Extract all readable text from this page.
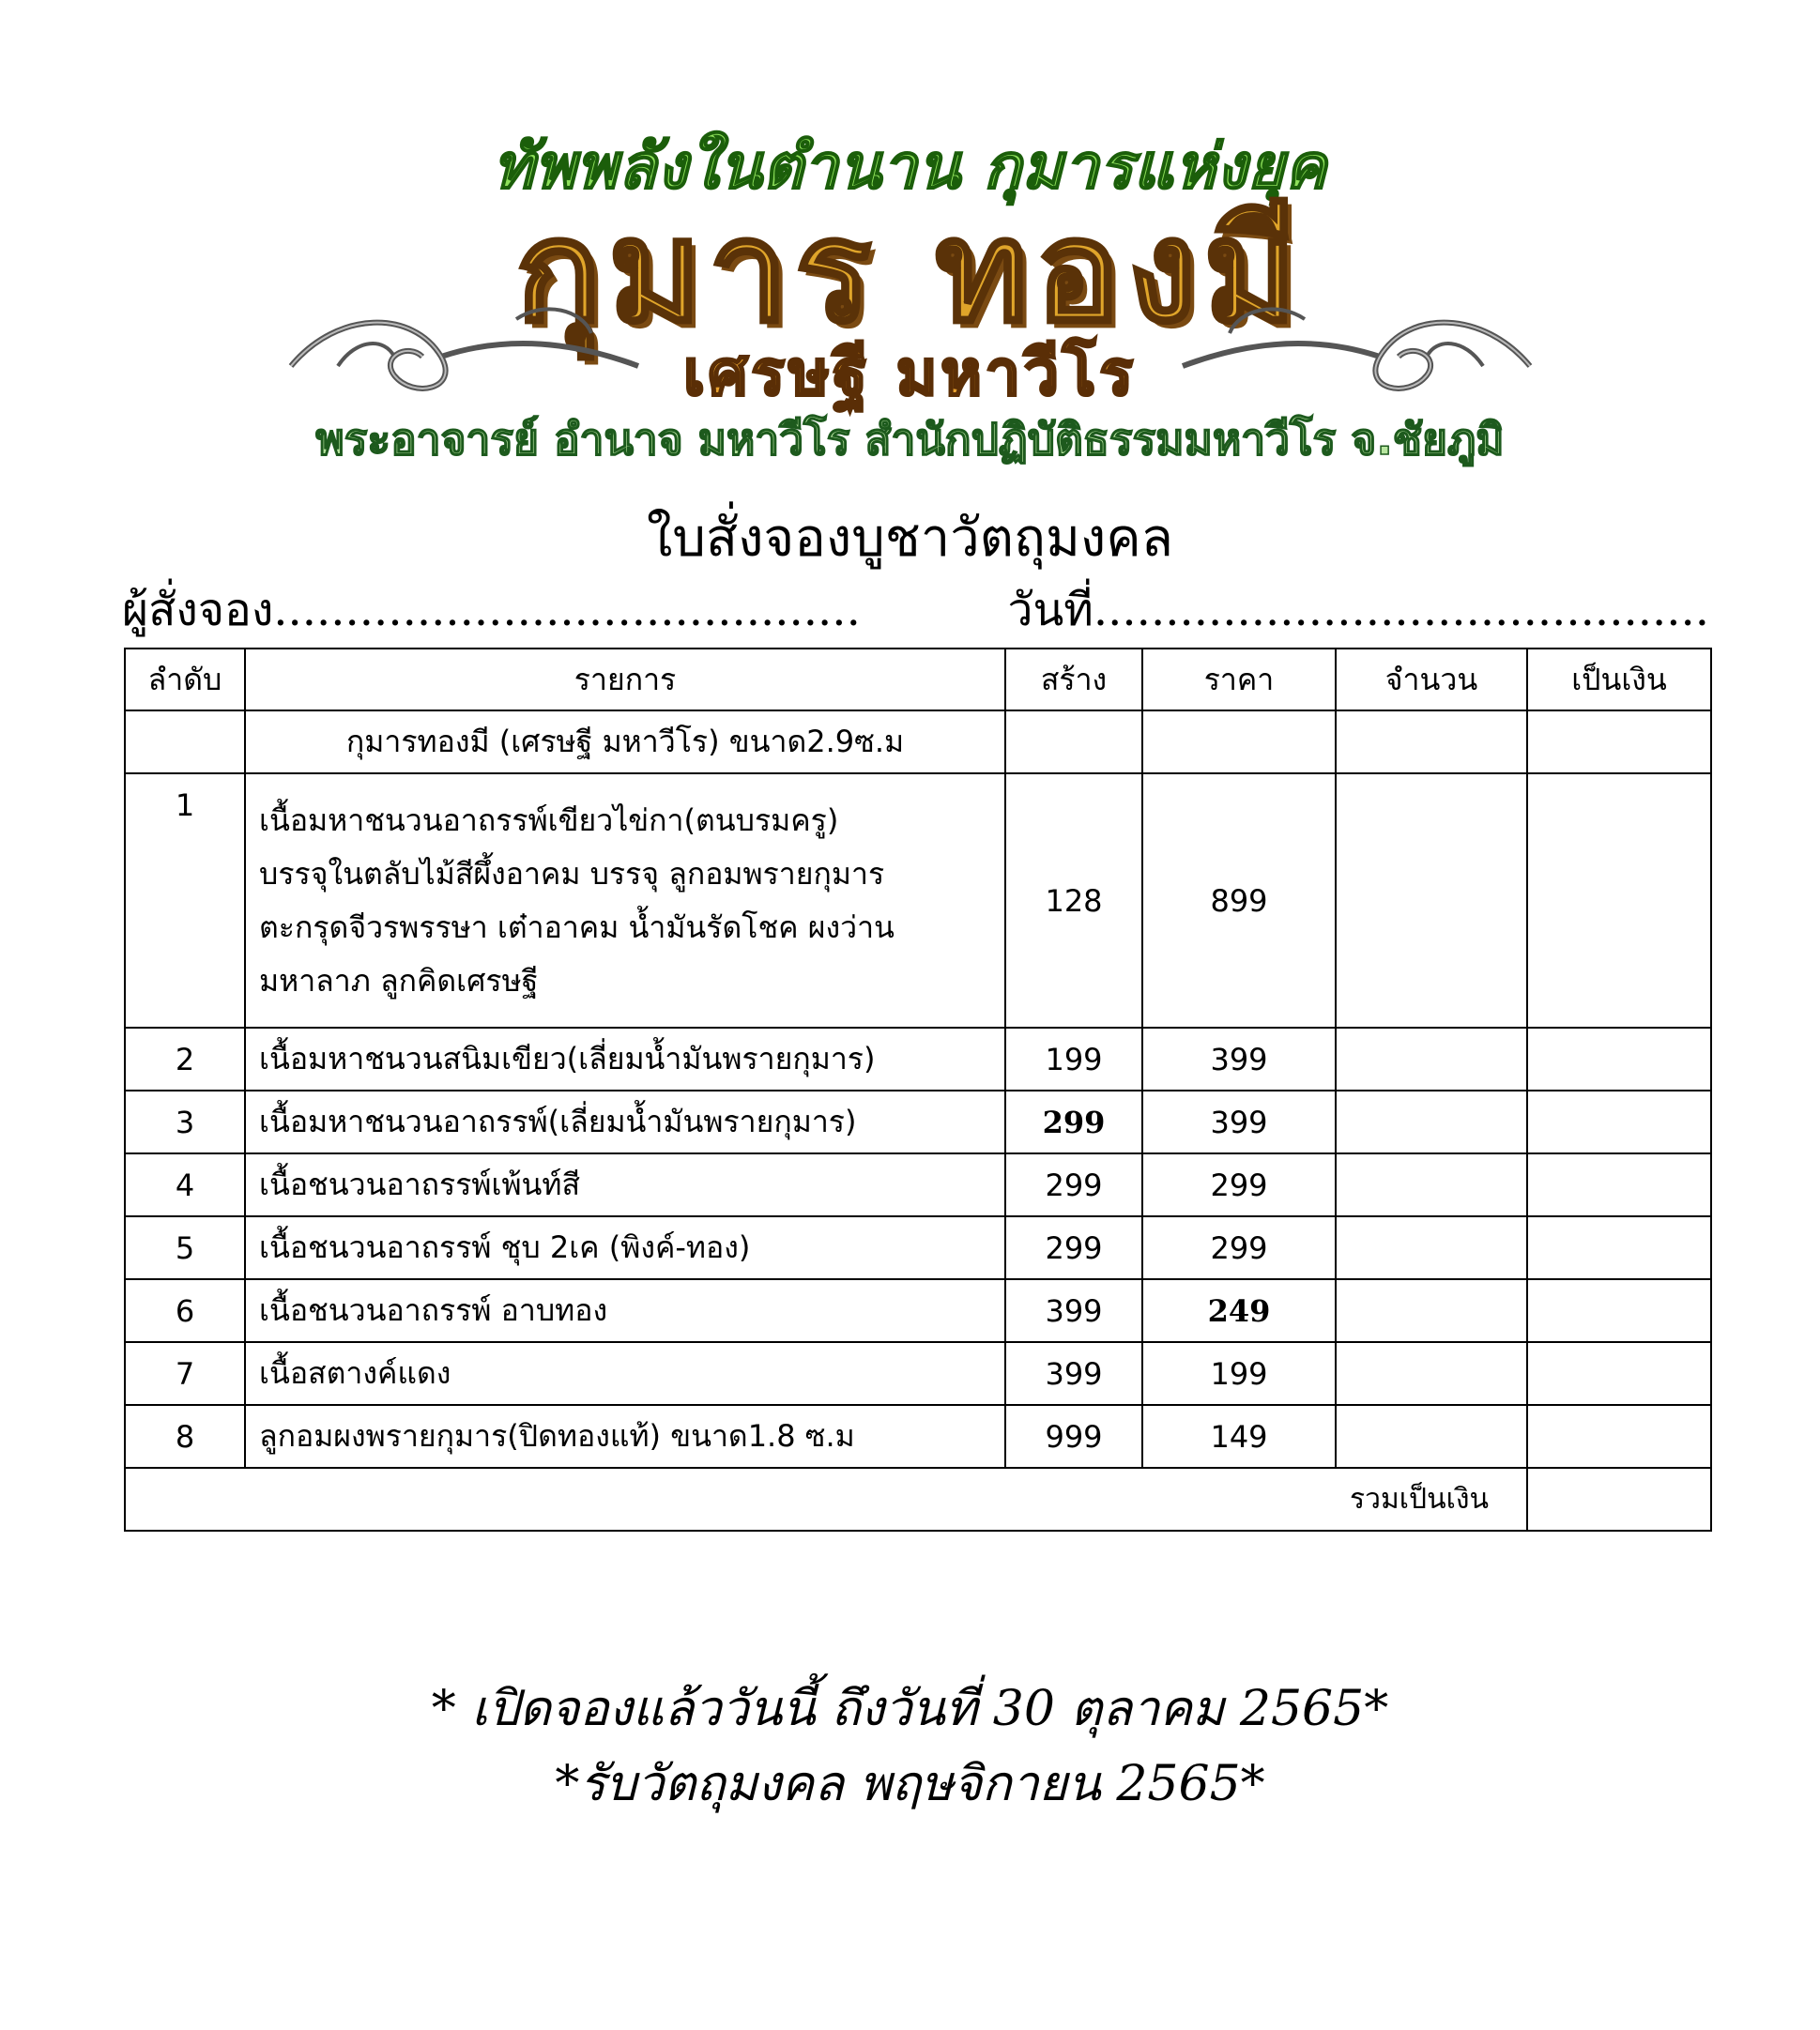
ทัพพลังในตำนาน กุมารแห่งยุค
กุมาร ทองมี
เศรษฐี มหาวีโร
พระอาจารย์ อำนาจ มหาวีโร สำนักปฏิบัติธรรมมหาวีโร จ.ชัยภูมิ
ใบสั่งจองบูชาวัตถุมงคล
ผู้สั่งจอง.........................................	วันที่...........................................
ลำดับ	รายการ	สร้าง	ราคา	จำนวน	เป็นเงิน
	กุมารทองมี (เศรษฐี มหาวีโร) ขนาด2.9ซ.ม				
1	เนื้อมหาชนวนอาถรรพ์เขียวไข่กา(ตนบรมครู)
บรรจุในตลับไม้สีผึ้งอาคม บรรจุ ลูกอมพรายกุมาร
ตะกรุดจีวรพรรษา เต๋าอาคม น้ำมันรัดโชค ผงว่าน
มหาลาภ ลูกคิดเศรษฐี	128	899		
2	เนื้อมหาชนวนสนิมเขียว(เลี่ยมน้ำมันพรายกุมาร)	199	399		
3	เนื้อมหาชนวนอาถรรพ์(เลี่ยมน้ำมันพรายกุมาร)	299	399		
4	เนื้อชนวนอาถรรพ์เพ้นท์สี	299	299		
5	เนื้อชนวนอาถรรพ์ ชุบ 2เค (พิงค์-ทอง)	299	299		
6	เนื้อชนวนอาถรรพ์ อาบทอง	399	249		
7	เนื้อสตางค์แดง	399	199		
8	ลูกอมผงพรายกุมาร(ปิดทองแท้) ขนาด1.8 ซ.ม	999	149		
รวมเป็นเงิน					
* เปิดจองแล้ววันนี้ ถึงวันที่ 30 ตุลาคม 2565*
*รับวัตถุมงคล พฤษจิกายน 2565*
